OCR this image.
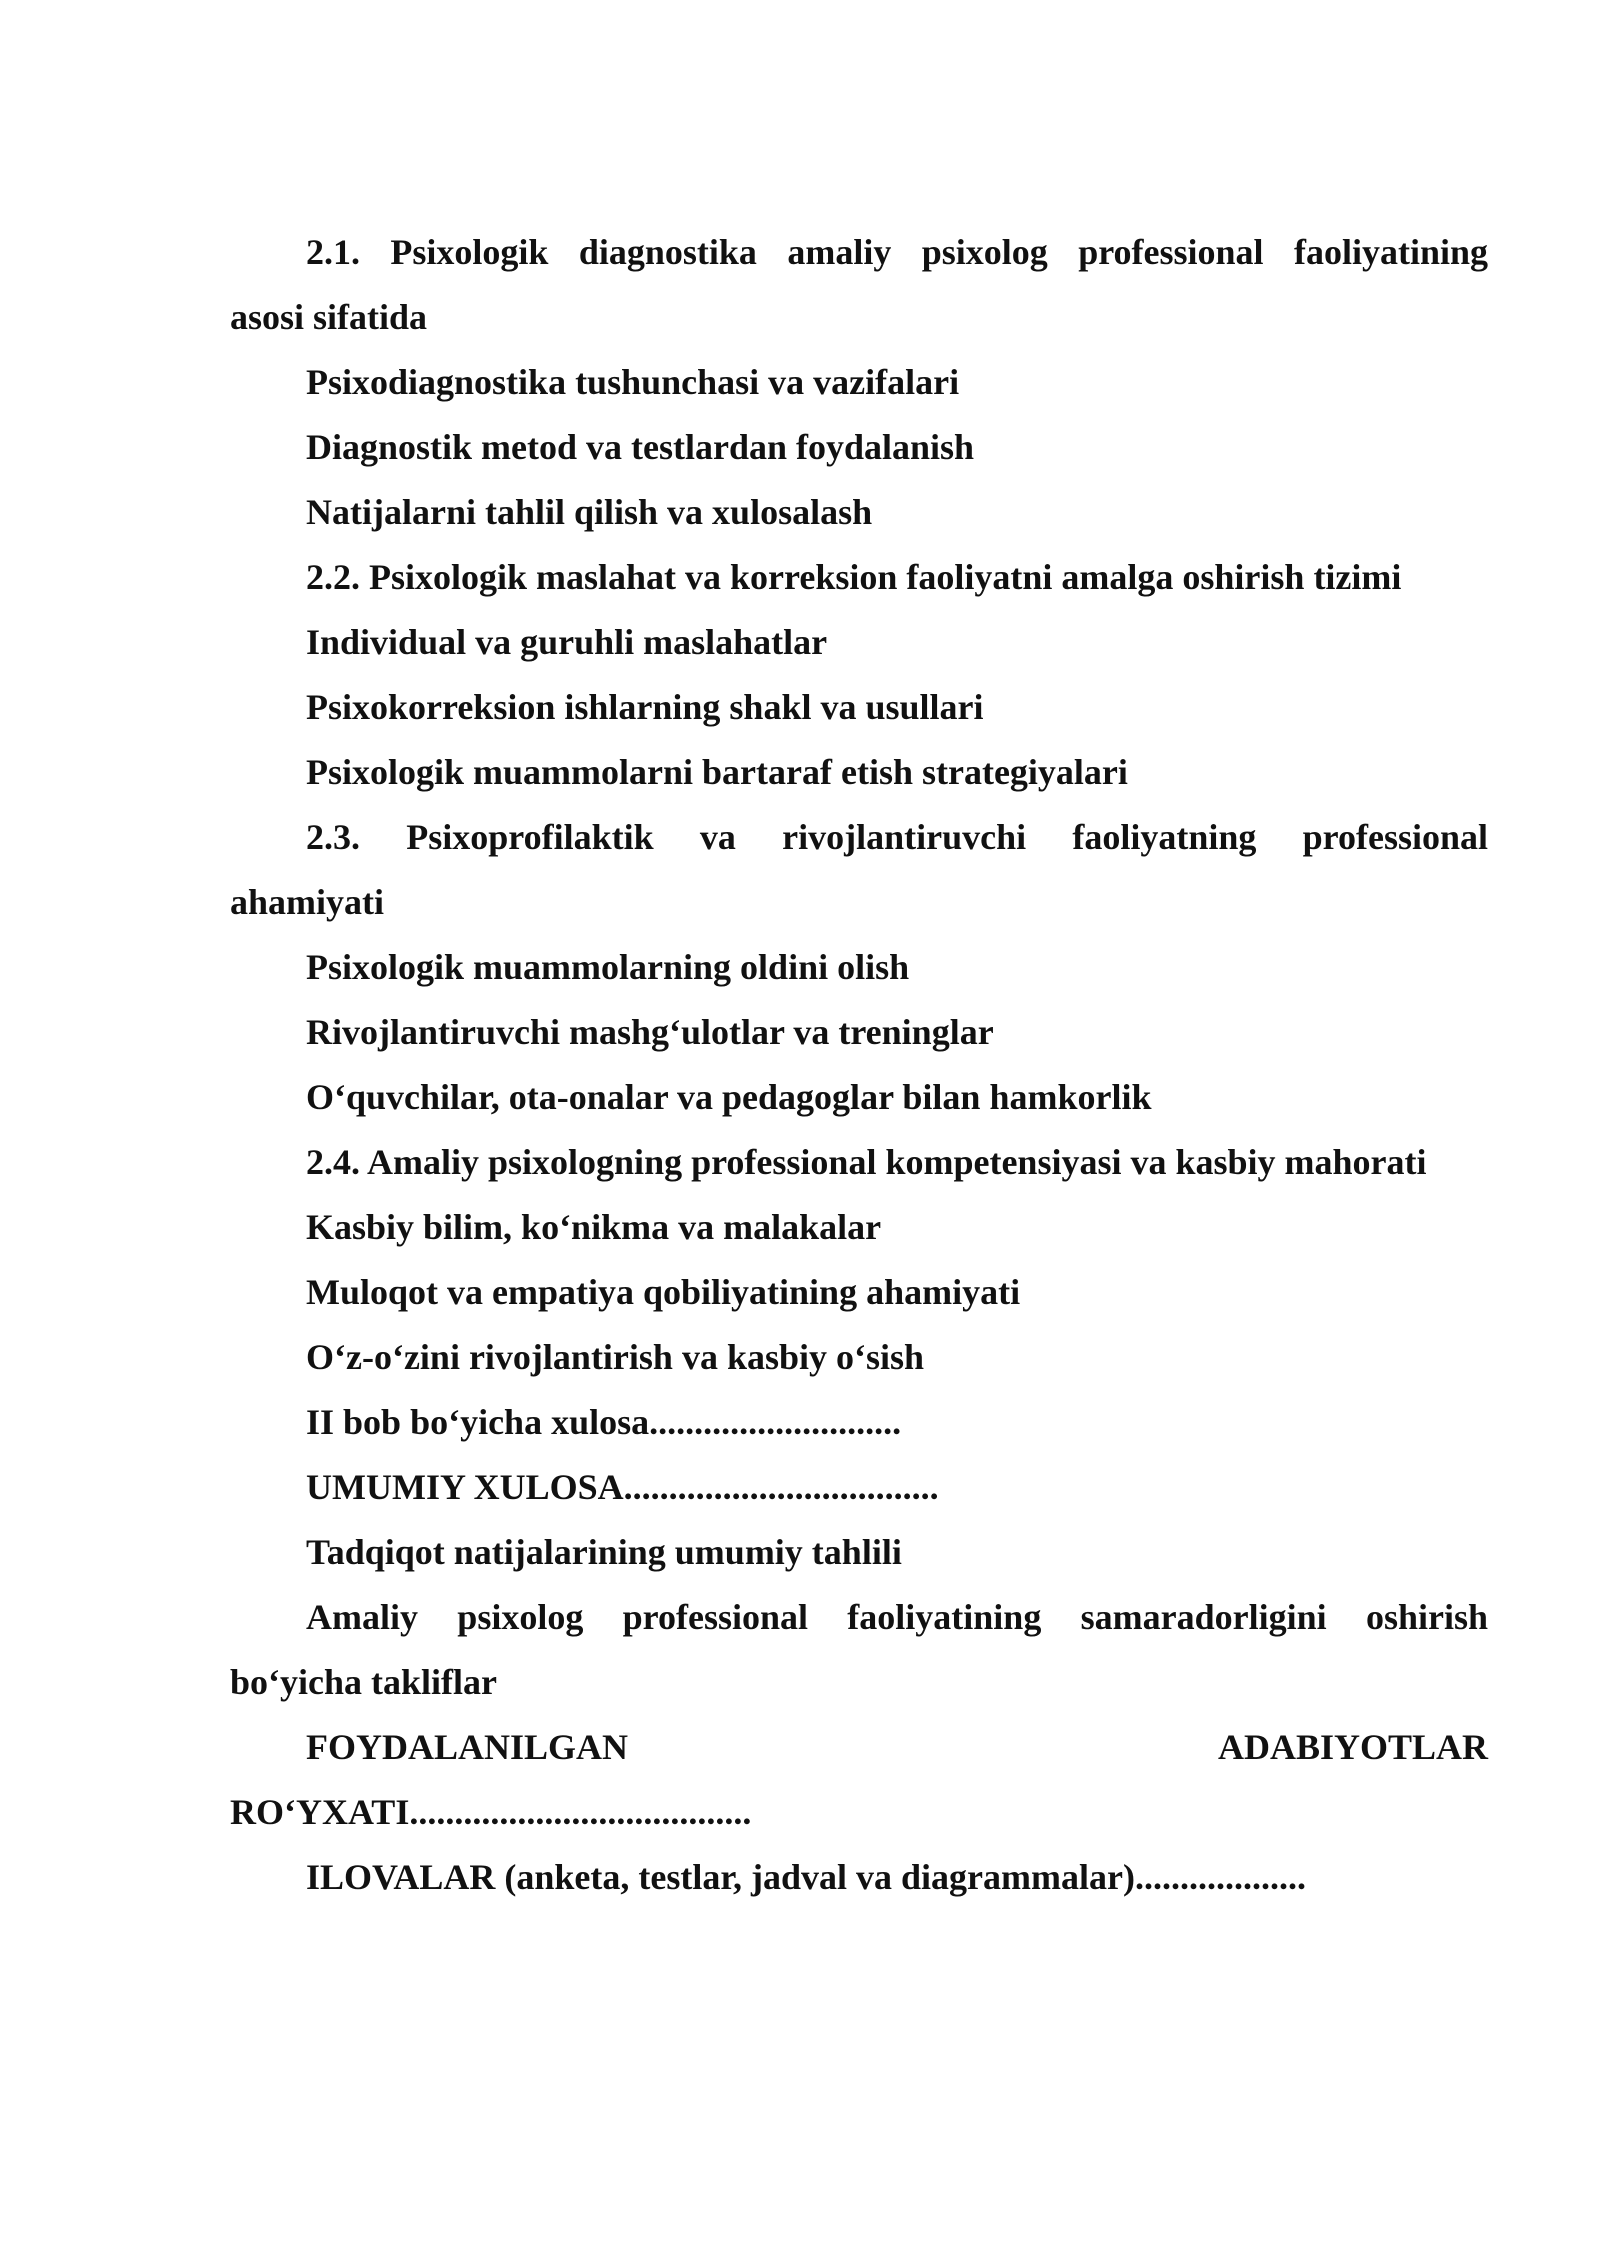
2.1. Psixologik diagnostika amaliy psixolog professional faoliyatining

asosi sifatida

Psixodiagnostika tushunchasi va vazifalari

Diagnostik metod va testlardan foydalanish

Natijalarni tahlil qilish va xulosalash

2.2. Psixologik maslahat va korreksion faoliyatni amalga oshirish tizimi

Individual va guruhli maslahatlar

Psixokorreksion ishlarning shakl va usullari

Psixologik muammolarni bartaraf etish strategiyalari

2.3. Psixoprofilaktik va rivojlantiruvchi faoliyatning professional

ahamiyati

Psixologik muammolarning oldini olish

Rivojlantiruvchi mashg‘ulotlar va treninglar

O‘quvchilar, ota-onalar va pedagoglar bilan hamkorlik

2.4. Amaliy psixologning professional kompetensiyasi va kasbiy mahorati

Kasbiy bilim, ko‘nikma va malakalar

Muloqot va empatiya qobiliyatining ahamiyati

O‘z-o‘zini rivojlantirish va kasbiy o‘sish

II bob bo‘yicha xulosa............................

UMUMIY XULOSA...................................

Tadqiqot natijalarining umumiy tahlili

Amaliy psixolog professional faoliyatining samaradorligini oshirish

bo‘yicha takliflar

FOYDALANILGAN	ADABIYOTLAR

RO‘YXATI......................................

ILOVALAR (anketa, testlar, jadval va diagrammalar)...................
